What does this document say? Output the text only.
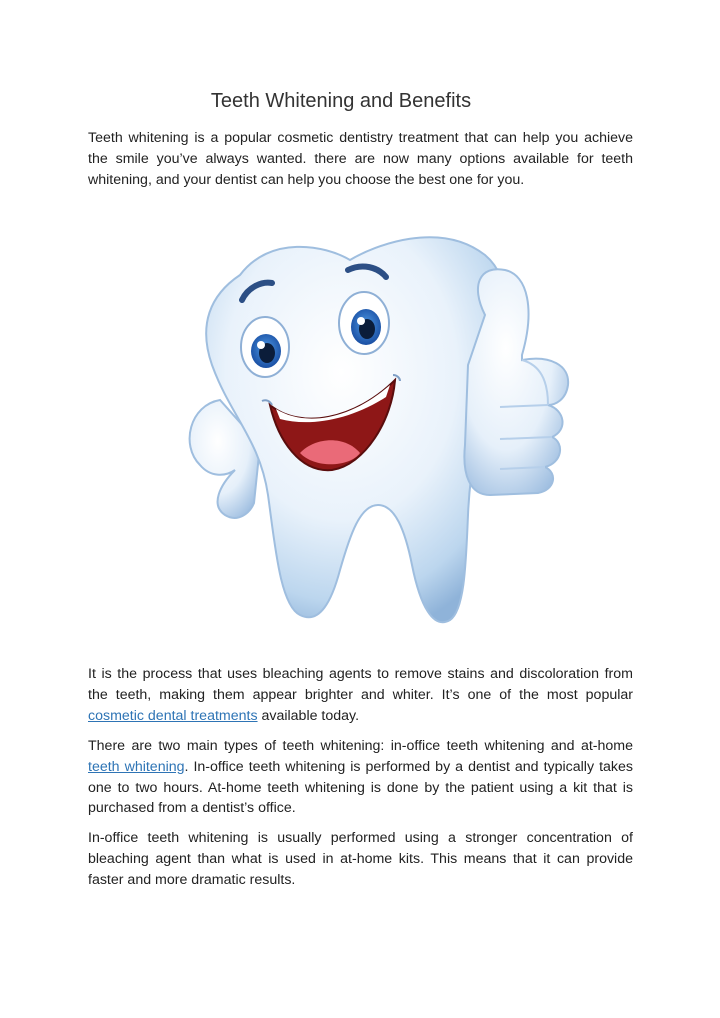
Teeth Whitening and Benefits

Teeth whitening is a popular cosmetic dentistry treatment that can help you achieve the smile you’ve always wanted. there are now many options available for teeth whitening, and your dentist can help you choose the best one for you.

It is the process that uses bleaching agents to remove stains and discoloration from the teeth, making them appear brighter and whiter. It’s one of the most popular cosmetic dental treatments available today.

There are two main types of teeth whitening: in-office teeth whitening and at-home teeth whitening. In-office teeth whitening is performed by a dentist and typically takes one to two hours. At-home teeth whitening is done by the patient using a kit that is purchased from a dentist’s office.

In-office teeth whitening is usually performed using a stronger concentration of bleaching agent than what is used in at-home kits. This means that it can provide faster and more dramatic results.
